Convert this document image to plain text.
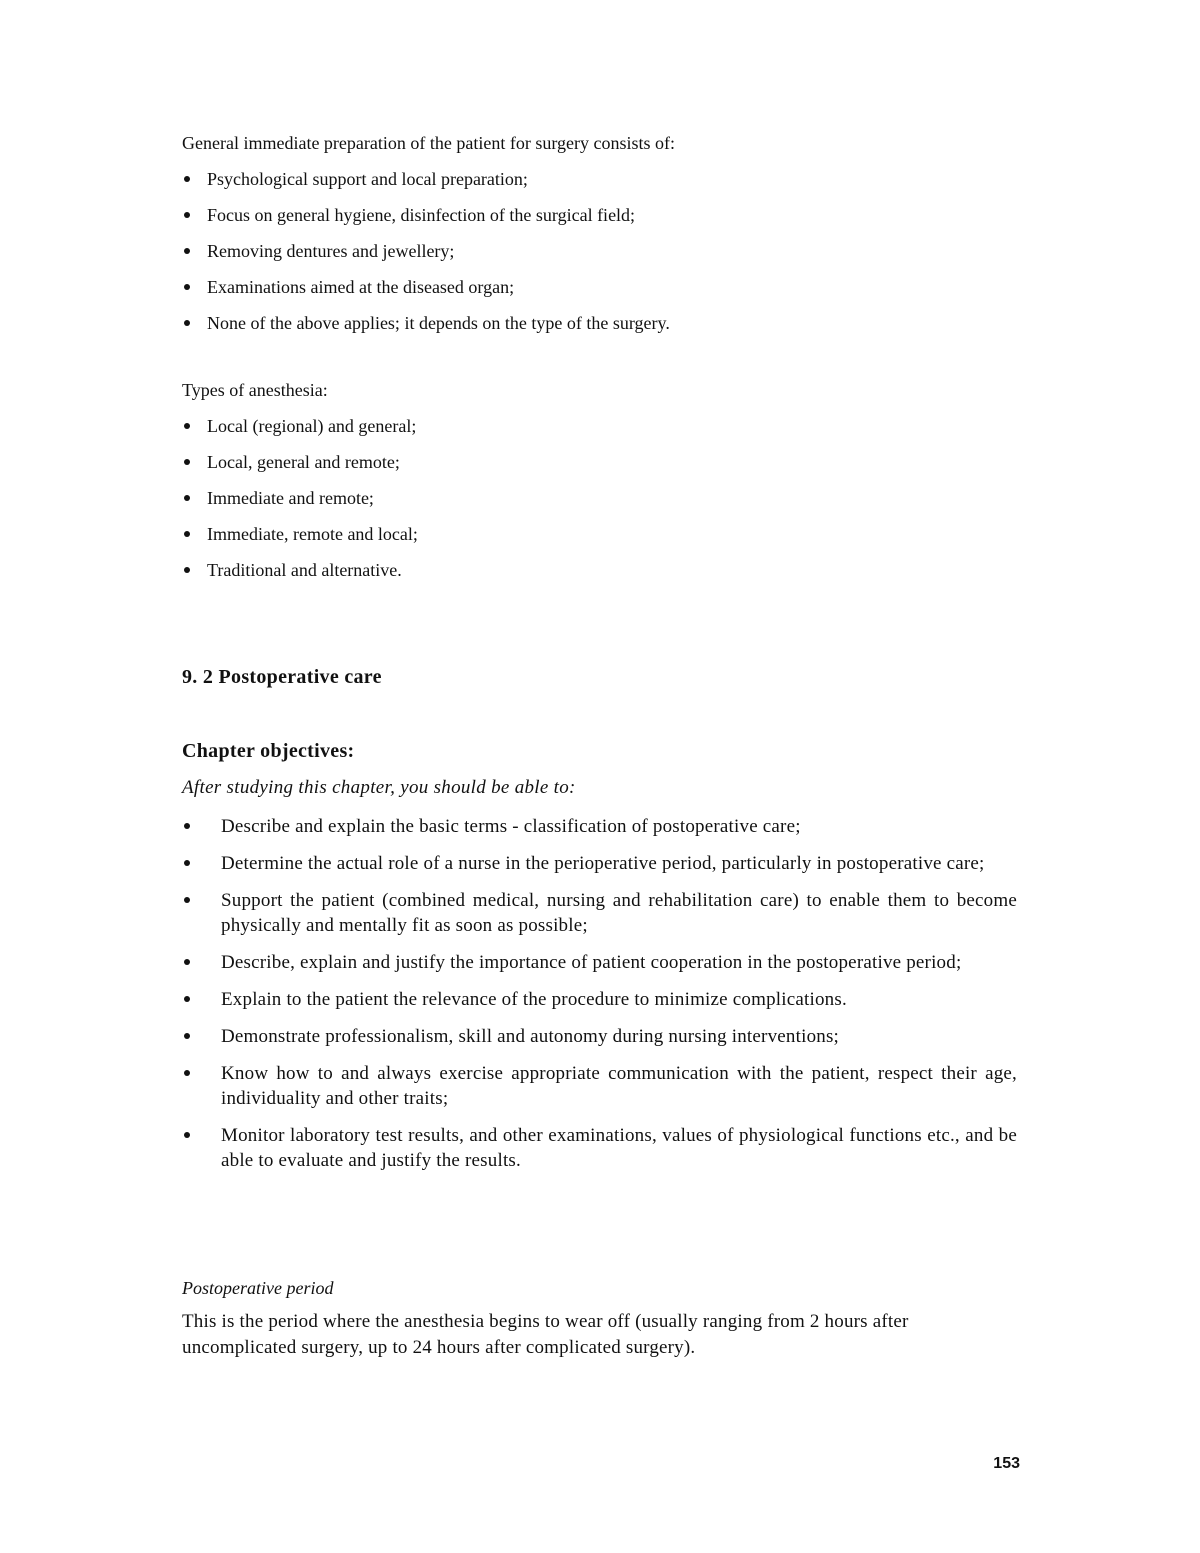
General immediate preparation of the patient for surgery consists of:

Psychological support and local preparation;
Focus on general hygiene, disinfection of the surgical field;
Removing dentures and jewellery;
Examinations aimed at the diseased organ;
None of the above applies; it depends on the type of the surgery.

Types of anesthesia:

Local (regional) and general;
Local, general and remote;
Immediate and remote;
Immediate, remote and local;
Traditional and alternative.
9. 2 Postoperative care
Chapter objectives:

After studying this chapter, you should be able to:

Describe and explain the basic terms - classification of postoperative care;
Determine the actual role of a nurse in the perioperative period, particularly in postoperative care;
Support the patient (combined medical, nursing and rehabilitation care) to enable them to become physically and mentally fit as soon as possible;
Describe, explain and justify the importance of patient cooperation in the postoperative period;
Explain to the patient the relevance of the procedure to minimize complications.
Demonstrate professionalism, skill and autonomy during nursing interventions;
Know how to and always exercise appropriate communication with the patient, respect their age, individuality and other traits;
Monitor laboratory test results, and other examinations, values of physiological functions etc., and be able to evaluate and justify the results.

Postoperative period

This is the period where the anesthesia begins to wear off (usually ranging from 2 hours after uncomplicated surgery, up to 24 hours after complicated surgery).

153
